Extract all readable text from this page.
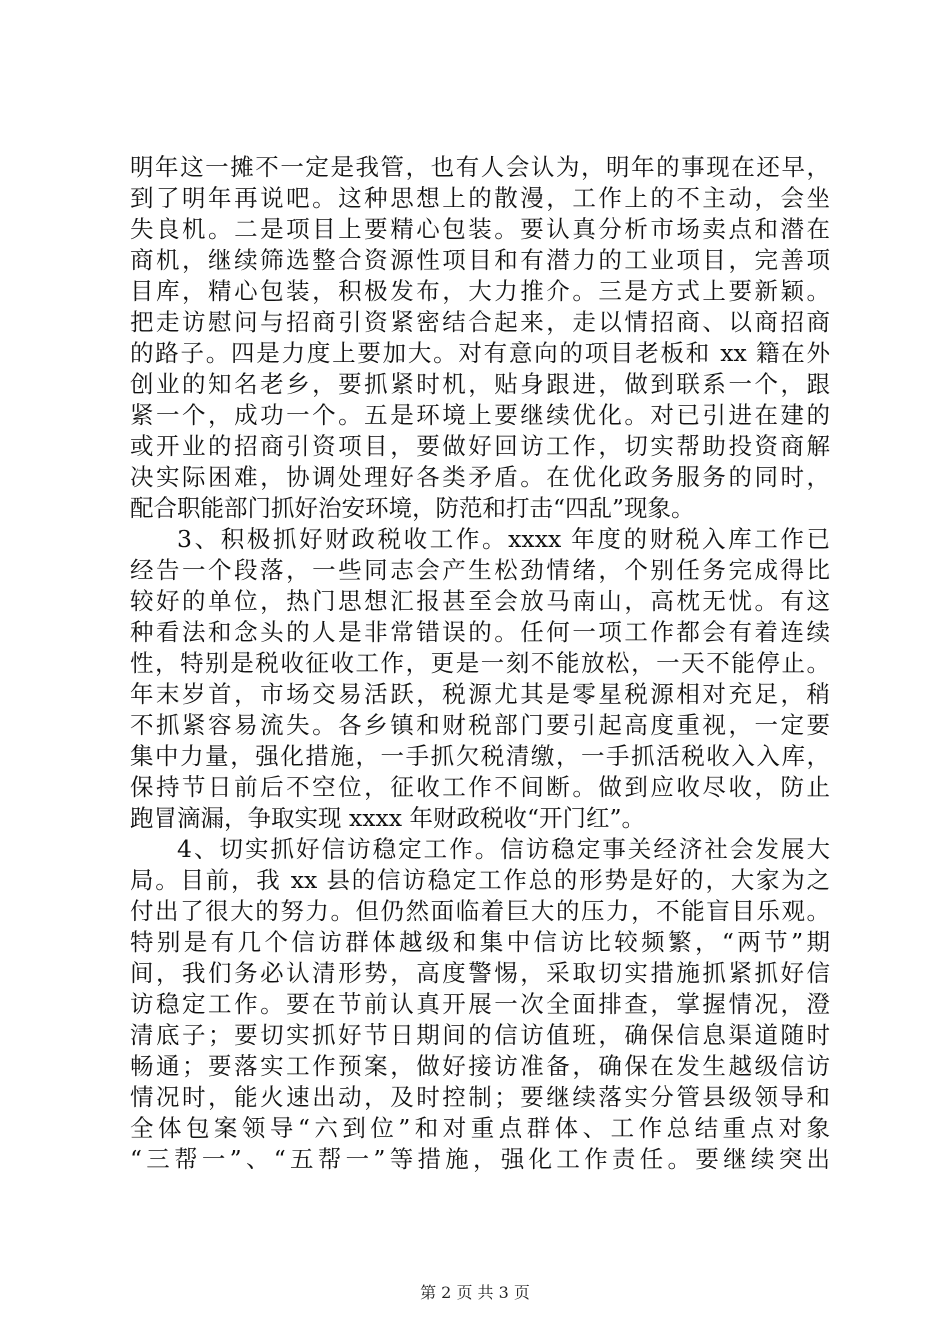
明年这一摊不一定是我管，也有人会认为，明年的事现在还早，
到了明年再说吧。这种思想上的散漫，工作上的不主动，会坐
失良机。二是项目上要精心包装。要认真分析市场卖点和潜在
商机，继续筛选整合资源性项目和有潜力的工业项目，完善项
目库，精心包装，积极发布，大力推介。三是方式上要新颖。
把走访慰问与招商引资紧密结合起来，走以情招商、以商招商
的路子。四是力度上要加大。对有意向的项目老板和 xx 籍在外
创业的知名老乡，要抓紧时机，贴身跟进，做到联系一个，跟
紧一个，成功一个。五是环境上要继续优化。对已引进在建的
或开业的招商引资项目，要做好回访工作，切实帮助投资商解
决实际困难，协调处理好各类矛盾。在优化政务服务的同时，
配合职能部门抓好治安环境，防范和打击“四乱”现象。
3、积极抓好财政税收工作。xxxx 年度的财税入库工作已
经告一个段落，一些同志会产生松劲情绪，个别任务完成得比
较好的单位，热门思想汇报甚至会放马南山，高枕无忧。有这
种看法和念头的人是非常错误的。任何一项工作都会有着连续
性，特别是税收征收工作，更是一刻不能放松，一天不能停止。
年末岁首，市场交易活跃，税源尤其是零星税源相对充足，稍
不抓紧容易流失。各乡镇和财税部门要引起高度重视，一定要
集中力量，强化措施，一手抓欠税清缴，一手抓活税收入入库，
保持节日前后不空位，征收工作不间断。做到应收尽收，防止
跑冒滴漏，争取实现 xxxx 年财政税收“开门红”。
4、切实抓好信访稳定工作。信访稳定事关经济社会发展大
局。目前，我 xx 县的信访稳定工作总的形势是好的，大家为之
付出了很大的努力。但仍然面临着巨大的压力，不能盲目乐观。
特别是有几个信访群体越级和集中信访比较频繁，“两节”期
间，我们务必认清形势，高度警惕，采取切实措施抓紧抓好信
访稳定工作。要在节前认真开展一次全面排查，掌握情况，澄
清底子；要切实抓好节日期间的信访值班，确保信息渠道随时
畅通；要落实工作预案，做好接访准备，确保在发生越级信访
情况时，能火速出动，及时控制；要继续落实分管县级领导和
全体包案领导“六到位”和对重点群体、工作总结重点对象
“三帮一”、“五帮一”等措施，强化工作责任。要继续突出
第 2 页 共 3 页
